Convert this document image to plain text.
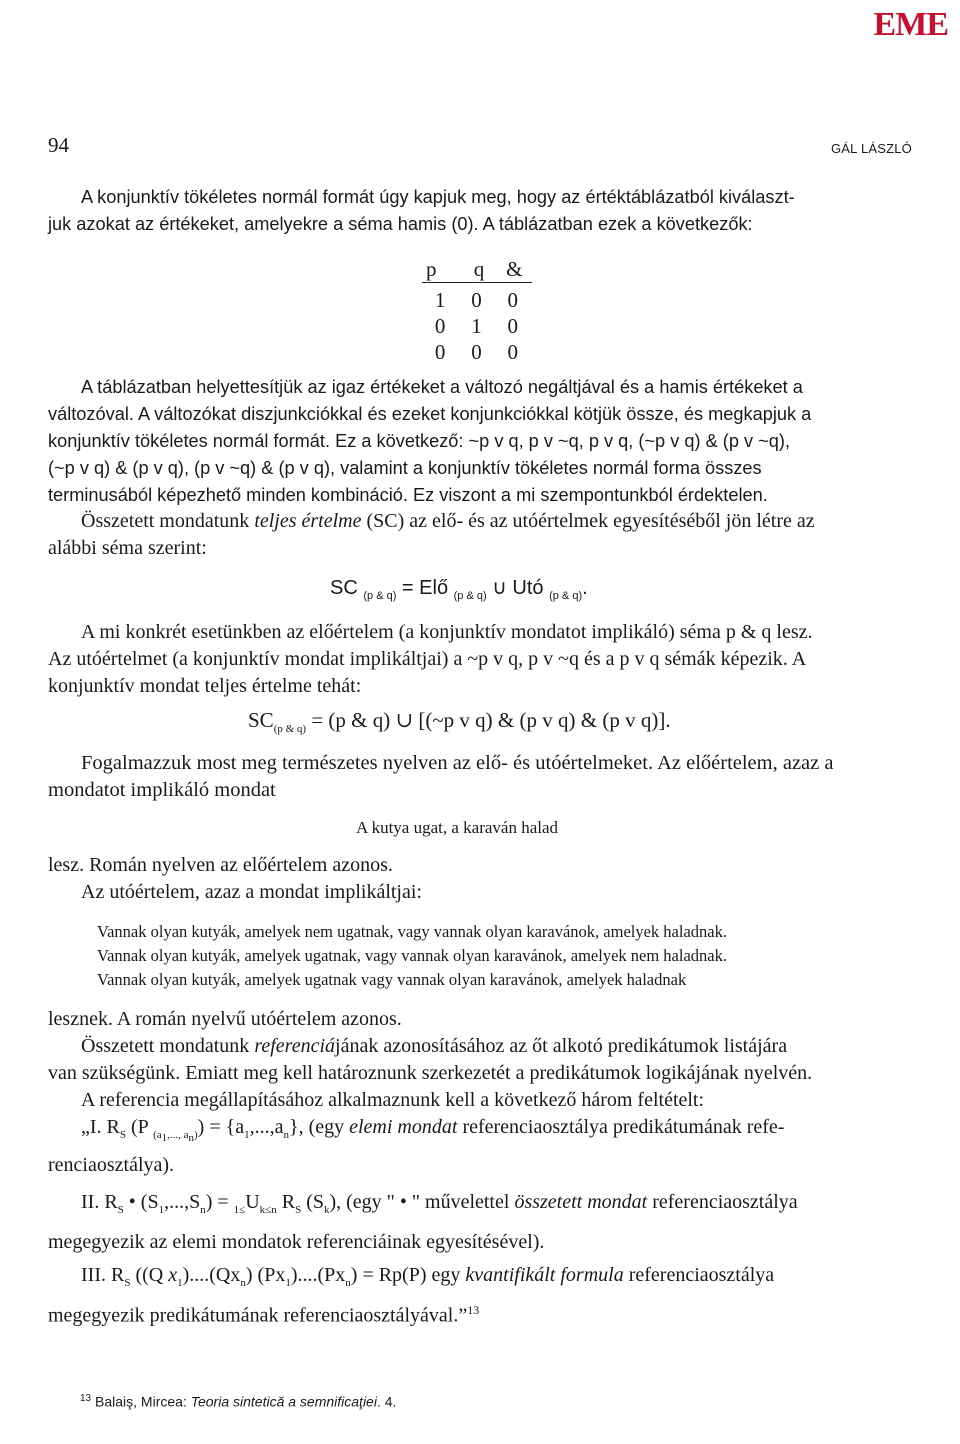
EME
94	GÁL LÁSZLÓ

A konjunktív tökéletes normál formát úgy kapjuk meg, hogy az értéktáblázatból kiválaszt-

juk azokat az értékeket, amelyekre a séma hamis (0). A táblázatban ezek a következők:

p	q	&
1	0	0
0	1	0
0	0	0

A táblázatban helyettesítjük az igaz értékeket a változó negáltjával és a hamis értékeket a

változóval. A változókat diszjunkciókkal és ezeket konjunkciókkal kötjük össze, és megkapjuk a

konjunktív tökéletes normál formát. Ez a következő: ~p v q, p v ~q, p v q, (~p v q) & (p v ~q),

(~p v q) & (p v q), (p v ~q) & (p v q), valamint a konjunktív tökéletes normál forma összes

terminusából képezhető minden kombináció. Ez viszont a mi szempontunkból érdektelen.

Összetett mondatunk teljes értelme (SC) az elő- és az utóértelmek egyesítéséből jön létre az

alábbi séma szerint:

SC $_{(p \& q)}$ = Elő $_{(p \& q)}$ ∪ Utó $_{(p \& q)}$.

A mi konkrét esetünkben az előértelem (a konjunktív mondatot implikáló) séma p & q lesz.

Az utóértelmet (a konjunktív mondat implikáltjai) a ~p v q, p v ~q és a p v q sémák képezik. A

konjunktív mondat teljes értelme tehát:

$SC_{(p \& q)} = (p$ & q) ∪ [(~p v q) & (p v q) & (p v q)].

Fogalmazzuk most meg természetes nyelven az elő- és utóértelmeket. Az előértelem, azaz a

mondatot implikáló mondat

A kutya ugat, a karaván halad

lesz. Román nyelven az előértelem azonos.

Az utóértelem, azaz a mondat implikáltjai:

Vannak olyan kutyák, amelyek nem ugatnak, vagy vannak olyan karavánok, amelyek haladnak.
Vannak olyan kutyák, amelyek ugatnak, vagy vannak olyan karavánok, amelyek nem haladnak.
Vannak olyan kutyák, amelyek ugatnak vagy vannak olyan karavánok, amelyek haladnak

lesznek. A román nyelvű utóértelem azonos.

Összetett mondatunk referenciájának azonosításához az őt alkotó predikátumok listájára

van szükségünk. Emiatt meg kell határoznunk szerkezetét a predikátumok logikájának nyelvén.

A referencia megállapításához alkalmaznunk kell a következő három feltételt:

„I. $R_S$ (P $_{(a_1,..., a_n)}) = \{a_1,...,a_n\}$, (egy elemi mondat referenciaosztálya predikátumának refe-
renciaosztálya).
II. $R_S$ • $(S_1,...,S_n) = _{1\le}U_{k\le n}$ $R_S$ $(S_k)$, (egy " • " művelettel összetett mondat referenciaosztálya
megegyezik az elemi mondatok referenciáinak egyesítésével).
III. $R_S$ ((Q $x_1)....(Qx_n)$ $(Px_1)....(Px_n) = Rp(P)$ egy kvantifikált formula referenciaosztálya
megegyezik predikátumának referenciaosztályával.”$^{13}$
$^{13}$ Balaiş, Mircea: Teoria sintetică a semnificaţiei. 4.
